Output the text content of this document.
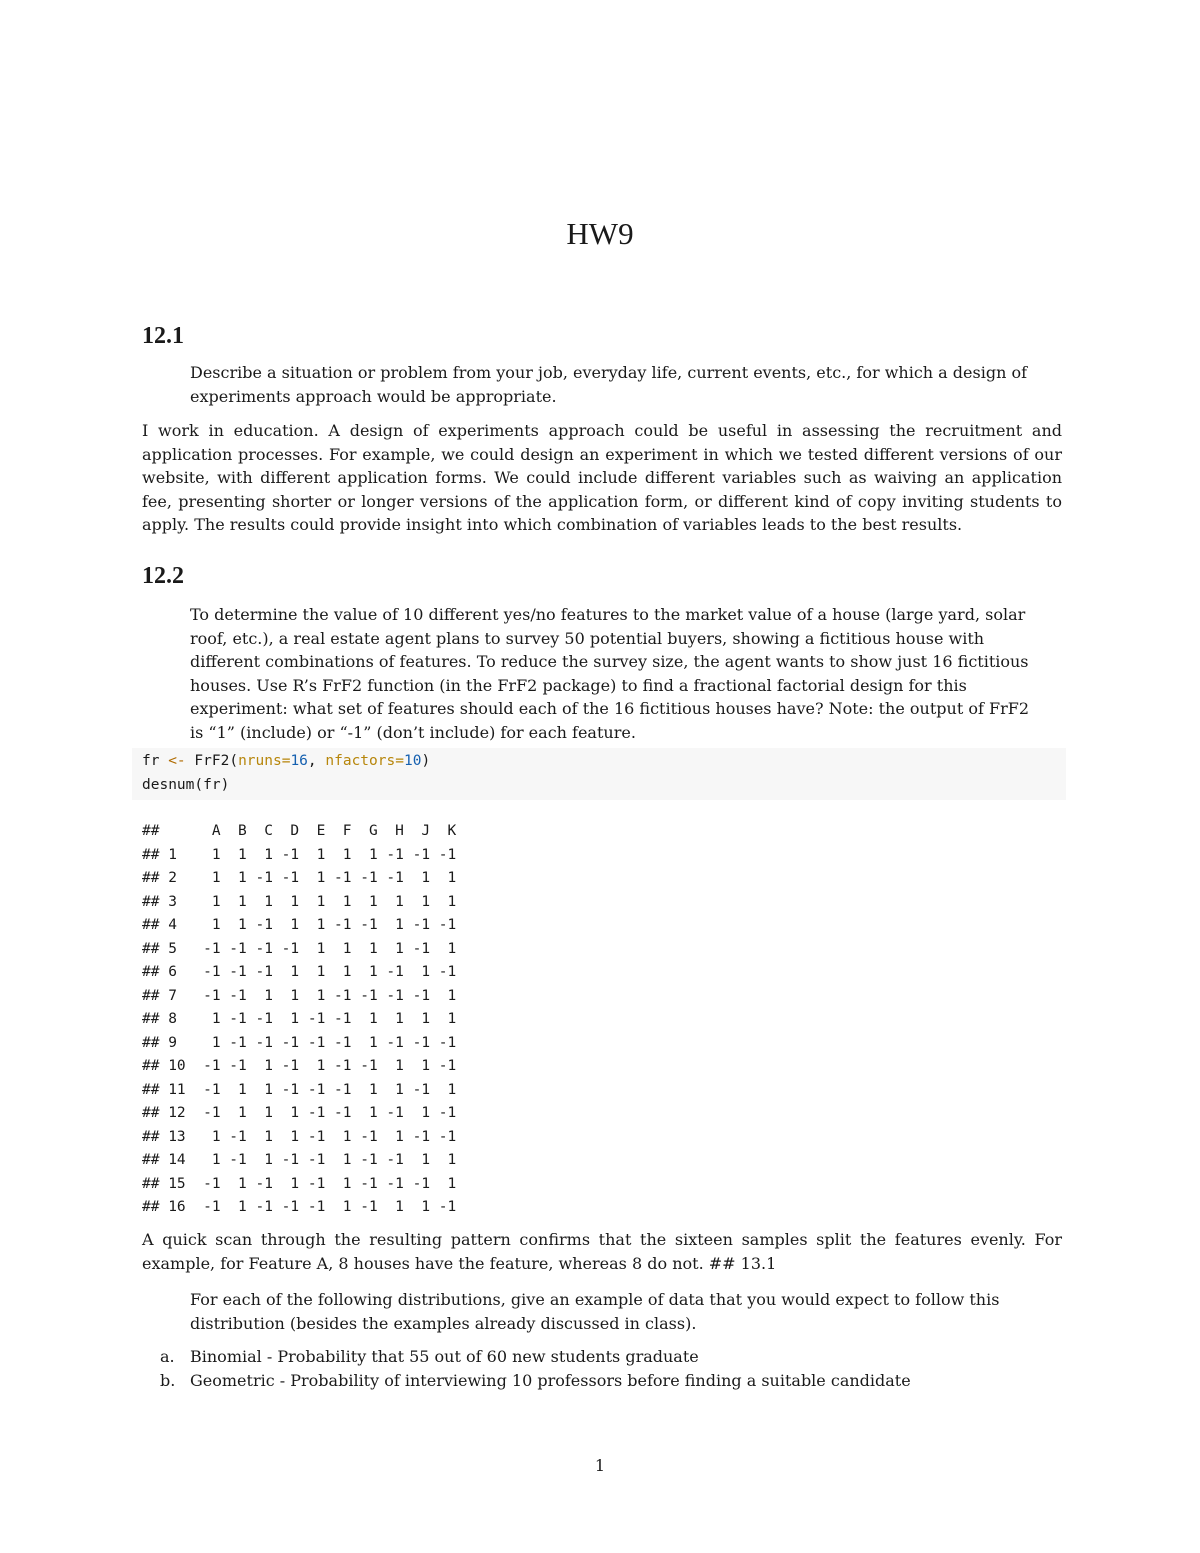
HW9
12.1

Describe a situation or problem from your job, everyday life, current events, etc., for which a design of experiments approach would be appropriate.

I work in education. A design of experiments approach could be useful in assessing the recruitment and application processes. For example, we could design an experiment in which we tested different versions of our website, with different application forms. We could include different variables such as waiving an application fee, presenting shorter or longer versions of the application form, or different kind of copy inviting students to apply. The results could provide insight into which combination of variables leads to the best results.

12.2

To determine the value of 10 different yes/no features to the market value of a house (large yard, solar roof, etc.), a real estate agent plans to survey 50 potential buyers, showing a fictitious house with different combinations of features. To reduce the survey size, the agent wants to show just 16 fictitious houses. Use R’s FrF2 function (in the FrF2 package) to find a fractional factorial design for this experiment: what set of features should each of the 16 fictitious houses have? Note: the output of FrF2 is “1” (include) or “-1” (don’t include) for each feature.

fr <- FrF2(nruns=16, nfactors=10)
desnum(fr)
##      A  B  C  D  E  F  G  H  J  K
## 1    1  1  1 -1  1  1  1 -1 -1 -1
## 2    1  1 -1 -1  1 -1 -1 -1  1  1
## 3    1  1  1  1  1  1  1  1  1  1
## 4    1  1 -1  1  1 -1 -1  1 -1 -1
## 5   -1 -1 -1 -1  1  1  1  1 -1  1
## 6   -1 -1 -1  1  1  1  1 -1  1 -1
## 7   -1 -1  1  1  1 -1 -1 -1 -1  1
## 8    1 -1 -1  1 -1 -1  1  1  1  1
## 9    1 -1 -1 -1 -1 -1  1 -1 -1 -1
## 10  -1 -1  1 -1  1 -1 -1  1  1 -1
## 11  -1  1  1 -1 -1 -1  1  1 -1  1
## 12  -1  1  1  1 -1 -1  1 -1  1 -1
## 13   1 -1  1  1 -1  1 -1  1 -1 -1
## 14   1 -1  1 -1 -1  1 -1 -1  1  1
## 15  -1  1 -1  1 -1  1 -1 -1 -1  1
## 16  -1  1 -1 -1 -1  1 -1  1  1 -1

A quick scan through the resulting pattern confirms that the sixteen samples split the features evenly. For example, for Feature A, 8 houses have the feature, whereas 8 do not. ## 13.1

For each of the following distributions, give an example of data that you would expect to follow this distribution (besides the examples already discussed in class).

a. Binomial - Probability that 55 out of 60 new students graduate
b. Geometric - Probability of interviewing 10 professors before finding a suitable candidate
1
